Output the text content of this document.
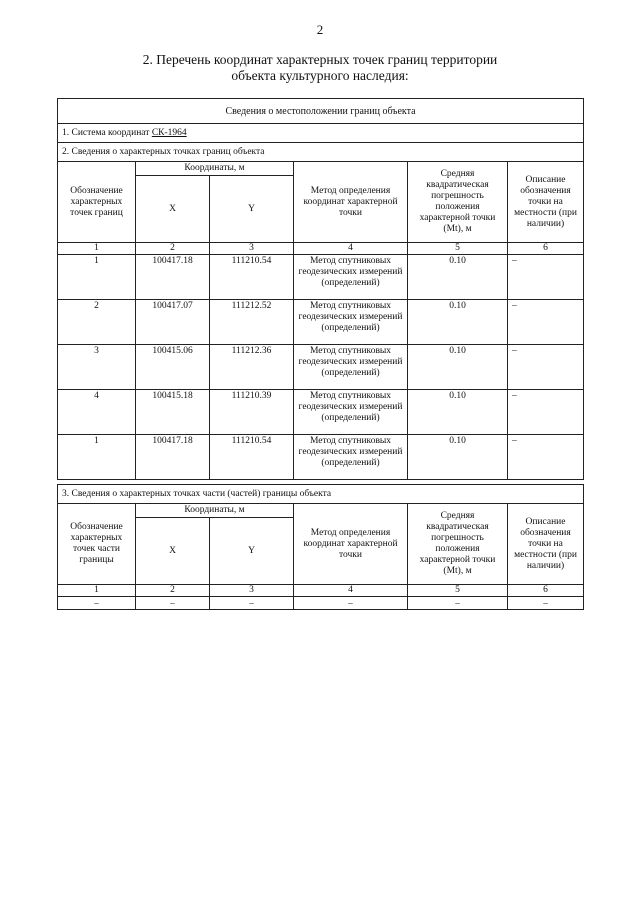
2
2. Перечень координат характерных точек границ территории
объекта культурного наследия:
Сведения о местоположении границ объекта					
1. Система координат СК-1964					
2. Сведения о характерных точках границ объекта					
Обозначение характерных точек границ	Координаты, м		Метод определения координат характерной точки	Средняя квадратическая погрешность положения характерной точки (Mt), м	Описание обозначения точки на местности (при наличии)
	X	Y			
1	2	3	4	5	6
1	100417.18	111210.54	Метод спутниковых геодезических измерений (определений)	0.10	–
2	100417.07	111212.52	Метод спутниковых геодезических измерений (определений)	0.10	–
3	100415.06	111212.36	Метод спутниковых геодезических измерений (определений)	0.10	–
4	100415.18	111210.39	Метод спутниковых геодезических измерений (определений)	0.10	–
1	100417.18	111210.54	Метод спутниковых геодезических измерений (определений)	0.10	–
3. Сведения о характерных точках части (частей) границы объекта					
Обозначение характерных точек части границы	Координаты, м		Метод определения координат характерной точки	Средняя квадратическая погрешность положения характерной точки (Mt), м	Описание обозначения точки на местности (при наличии)
	X	Y			
1	2	3	4	5	6
–	–	–	–	–	–
